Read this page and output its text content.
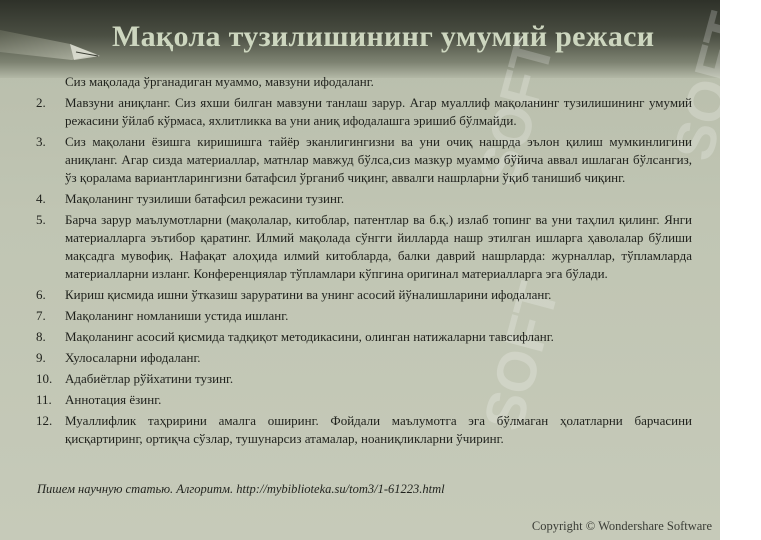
Мақола тузилишининг умумий режаси
SOFT
SOFT
SOFT
Сиз мақолада ўрганадиган муаммо, мавзуни ифодаланг.
2.	Мавзуни аниқланг. Сиз яхши билган мавзуни танлаш зарур. Агар муаллиф мақоланинг тузилишининг умумий режасини ўйлаб кўрмаса, яхлитликка ва уни аниқ ифодалашга эришиб бўлмайди.
3.	Сиз мақолани ёзишга киришишга тайёр эканлигингизни ва уни очиқ нашрда эълон қилиш мумкинлигини аниқланг. Агар сизда материаллар, матнлар мавжуд бўлса,сиз мазкур муаммо бўйича аввал ишлаган бўлсангиз, ўз қораламa вариантларингизни батафсил ўрганиб чиқинг, аввалги нашрларни ўқиб танишиб чиқинг.
4.	Мақоланинг тузилиши батафсил режасини тузинг.
5.	Барча зарур маълумотларни (мақолалар, китоблар, патентлар ва б.қ.) излаб топинг ва уни таҳлил қилинг. Янги материалларга эътибор қаратинг. Илмий мақолада сўнгги йилларда нашр этилган ишларга ҳаволалар бўлиши мақсадга мувофиқ. Нафақат алоҳида илмий китобларда, балки даврий нашрларда: журналлар, тўпламларда материалларни изланг. Конференциялар тўпламлари кўпгина оригинал материалларга эга бўлади.
6.	Кириш қисмида ишни ўтказиш заруратини ва унинг асосий йўналишларини ифодаланг.
7.	Мақоланинг номланиши устида ишланг.
8.	Мақоланинг асосий қисмида тадқиқот методикасини, олинган натижаларни тавсифланг.
9.	Хулосаларни ифодаланг.
10. Адабиётлар рўйхатини тузинг.
11.	Аннотация ёзинг.
12. Муаллифлик таҳририни амалга оширинг. Фойдали маълумотга эга бўлмаган ҳолатларни барчасини қисқартиринг, ортиқча сўзлар, тушунарсиз атамалар, ноаниқликларни ўчиринг.
Пишем научную статью. Алгоритм. http://mybiblioteka.su/tom3/1-61223.html
Copyright © Wondershare Software
